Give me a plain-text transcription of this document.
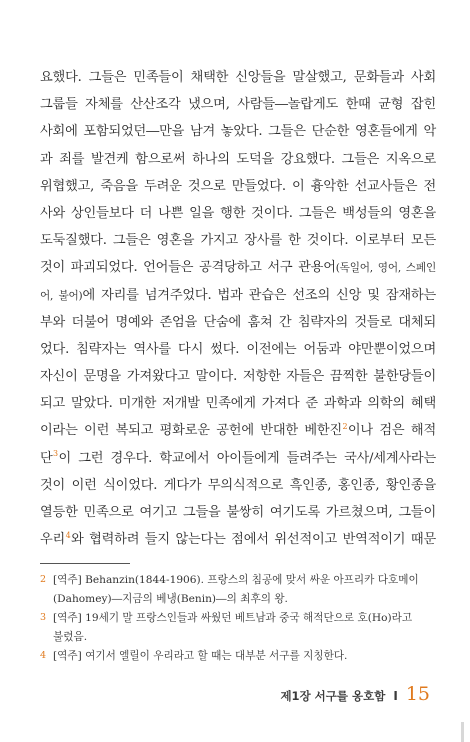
요했다. 그들은 민족들이 채택한 신앙들을 말살했고, 문화들과 사회
그룹들 자체를 산산조각 냈으며, 사람들―놀랍게도 한때 균형 잡힌
사회에 포함되었던―만을 남겨 놓았다. 그들은 단순한 영혼들에게 악
과 죄를 발견케 함으로써 하나의 도덕을 강요했다. 그들은 지옥으로
위협했고, 죽음을 두려운 것으로 만들었다. 이 흉악한 선교사들은 전
사와 상인들보다 더 나쁜 일을 행한 것이다. 그들은 백성들의 영혼을
도둑질했다. 그들은 영혼을 가지고 장사를 한 것이다. 이로부터 모든
것이 파괴되었다. 언어들은 공격당하고 서구 관용어(독일어, 영어, 스페인
어, 불어)에 자리를 넘겨주었다. 법과 관습은 선조의 신앙 및 잠재하는
부와 더불어 명예와 존엄을 단숨에 훔쳐 간 침략자의 것들로 대체되
었다. 침략자는 역사를 다시 썼다. 이전에는 어둠과 야만뿐이었으며
자신이 문명을 가져왔다고 말이다. 저항한 자들은 끔찍한 불한당들이
되고 말았다. 미개한 저개발 민족에게 가져다 준 과학과 의학의 혜택
이라는 이런 복되고 평화로운 공헌에 반대한 베한진$^2$이나 검은 해적
단$^3$이 그런 경우다. 학교에서 아이들에게 들려주는 국사/세계사라는
것이 이런 식이었다. 게다가 무의식적으로 흑인종, 홍인종, 황인종을
열등한 민족으로 여기고 그들을 불쌍히 여기도록 가르쳤으며, 그들이
우리$^4$와 협력하려 들지 않는다는 점에서 위선적이고 반역적이기 때문
2 [역주] Behanzin(1844-1906). 프랑스의 침공에 맞서 싸운 아프리카 다호메이
(Dahomey)―지금의 베냉(Benin)―의 최후의 왕.
3 [역주] 19세기 말 프랑스인들과 싸웠던 베트남과 중국 해적단으로 호(Ho)라고
불렸음.
4 [역주] 여기서 엘릴이 우리라고 할 때는 대부분 서구를 지칭한다.
제1장 서구를 옹호함 I 15
